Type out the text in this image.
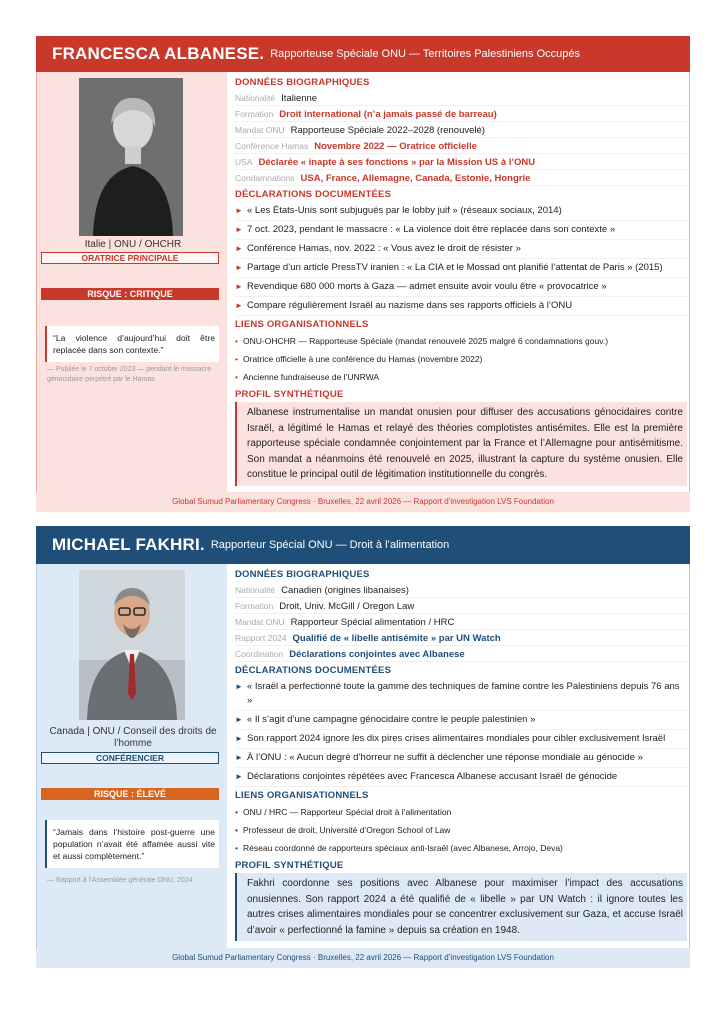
FRANCESCA ALBANESE. Rapporteuse Spéciale ONU — Territoires Palestiniens Occupés
Italie | ONU / OHCHR
ORATRICE PRINCIPALE
RISQUE : CRITIQUE
“La violence d’aujourd’hui doit être replacée dans son contexte.”
— Publiée le 7 octobre 2023 — pendant le massacre génocidaire perpétré par le Hamas
DONNÉES BIOGRAPHIQUES
Nationalité Italienne
Formation Droit international (n’a jamais passé de barreau)
Mandat ONU Rapporteuse Spéciale 2022–2028 (renouvelé)
Conférence Hamas Novembre 2022 — Oratrice officielle
USA Déclarée « inapte à ses fonctions » par la Mission US à l’ONU
Condamnations USA, France, Allemagne, Canada, Estonie, Hongrie
DÉCLARATIONS DOCUMENTÉES
► « Les États-Unis sont subjugués par le lobby juif » (réseaux sociaux, 2014)
► 7 oct. 2023, pendant le massacre : « La violence doit être replacée dans son contexte »
► Conférence Hamas, nov. 2022 : « Vous avez le droit de résister »
► Partage d’un article PressTV iranien : « La CIA et le Mossad ont planifié l’attentat de Paris » (2015)
► Revendique 680 000 morts à Gaza — admet ensuite avoir voulu être « provocatrice »
► Compare régulièrement Israël au nazisme dans ses rapports officiels à l’ONU
LIENS ORGANISATIONNELS
• ONU-OHCHR — Rapporteuse Spéciale (mandat renouvelé 2025 malgré 6 condamnations gouv.)
• Oratrice officielle à une conférence du Hamas (novembre 2022)
• Ancienne fundraiseuse de l’UNRWA
PROFIL SYNTHÉTIQUE
Albanese instrumentalise un mandat onusien pour diffuser des accusations génocidaires contre Israël, a légitimé le Hamas et relayé des théories complotistes antisémites. Elle est la première rapporteuse spéciale condamnée conjointement par la France et l’Allemagne pour antisémitisme. Son mandat a néanmoins été renouvelé en 2025, illustrant la capture du système onusien. Elle constitue le principal outil de légitimation institutionnelle du congrès.
Global Sumud Parliamentary Congress · Bruxelles, 22 avril 2026 — Rapport d’investigation LVS Foundation
MICHAEL FAKHRI. Rapporteur Spécial ONU — Droit à l’alimentation
Canada | ONU / Conseil des droits de l’homme
CONFÉRENCIER
RISQUE : ÉLEVÉ
“Jamais dans l’histoire post-guerre une population n’avait été affamée aussi vite et aussi complètement.”
— Rapport à l’Assemblée générale ONU, 2024
DONNÉES BIOGRAPHIQUES
Nationalité Canadien (origines libanaises)
Formation Droit, Univ. McGill / Oregon Law
Mandat ONU Rapporteur Spécial alimentation / HRC
Rapport 2024 Qualifié de « libelle antisémite » par UN Watch
Coordination Déclarations conjointes avec Albanese
DÉCLARATIONS DOCUMENTÉES
► « Israël a perfectionné toute la gamme des techniques de famine contre les Palestiniens depuis 76 ans »
► « Il s’agit d’une campagne génocidaire contre le peuple palestinien »
► Son rapport 2024 ignore les dix pires crises alimentaires mondiales pour cibler exclusivement Israël
► À l’ONU : « Aucun degré d’horreur ne suffit à déclencher une réponse mondiale au génocide »
► Déclarations conjointes répétées avec Francesca Albanese accusant Israël de génocide
LIENS ORGANISATIONNELS
• ONU / HRC — Rapporteur Spécial droit à l’alimentation
• Professeur de droit, Université d’Oregon School of Law
• Réseau coordonné de rapporteurs spéciaux anti-Israël (avec Albanese, Arrojo, Deva)
PROFIL SYNTHÉTIQUE
Fakhri coordonne ses positions avec Albanese pour maximiser l’impact des accusations onusiennes. Son rapport 2024 a été qualifié de « libelle » par UN Watch : il ignore toutes les autres crises alimentaires mondiales pour se concentrer exclusivement sur Gaza, et accuse Israël d’avoir « perfectionné la famine » depuis sa création en 1948.
Global Sumud Parliamentary Congress · Bruxelles, 22 avril 2026 — Rapport d’investigation LVS Foundation
